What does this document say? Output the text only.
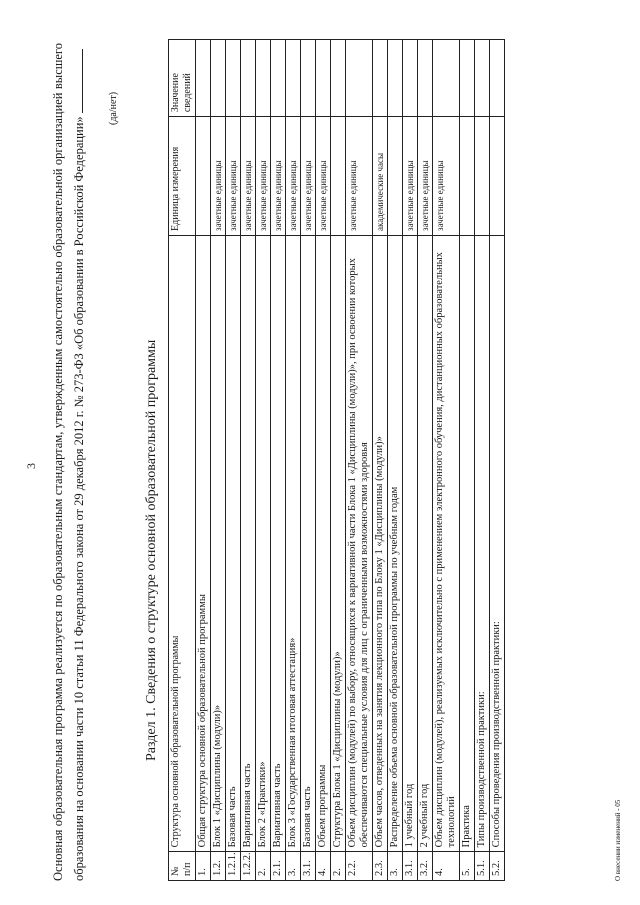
3 Основная образовательная программа реализуется по образовательным стандартам, утвержденным самостоятельно образовательной организацией высшего образования на основании части 10 статьи 11 Федерального закона от 29 декабря 2012 г. № 273-ФЗ «Об образовании в Российской Федерации»
(да/нет)
Раздел 1. Сведения о структуре основной образовательной программы
№ п/п	Структура основной образовательной программы	Единица измерения	Значение сведений
1.	Общая структура основной образовательной программы		
1.2.	Блок 1 «Дисциплины (модули)»	зачетные единицы	
1.2.1.	Базовая часть	зачетные единицы	
1.2.2.	Вариативная часть	зачетные единицы	
2.	Блок 2 «Практики»	зачетные единицы	
2.1.	Вариативная часть	зачетные единицы	
3.	Блок 3 «Государственная итоговая аттестация»	зачетные единицы	
3.1.	Базовая часть	зачетные единицы	
4.	Объем программы	зачетные единицы	
2.	Структура Блока 1 «Дисциплины (модули)»		
2.2.	Объем дисциплин (модулей) по выбору, относящихся к вариативной части Блока 1 «Дисциплины (модули)», при освоении которых обеспечиваются специальные условия для лиц с ограниченными возможностями здоровья	зачетные единицы	
2.3.	Объем часов, отведенных на занятия лекционного типа по Блоку 1 «Дисциплины (модули)»	академические часы	
3.	Распределение объема основной образовательной программы по учебным годам		
3.1.	1 учебный год	зачетные единицы	
3.2.	2 учебный год	зачетные единицы	
4.	Объем дисциплин (модулей), реализуемых исключительно с применением электронного обучения, дистанционных образовательных технологий	зачетные единицы	
5.	Практика		
5.1.	Типы производственной практики:		
5.2.	Способы проведения производственной практики:			О внесении изменений - 05
